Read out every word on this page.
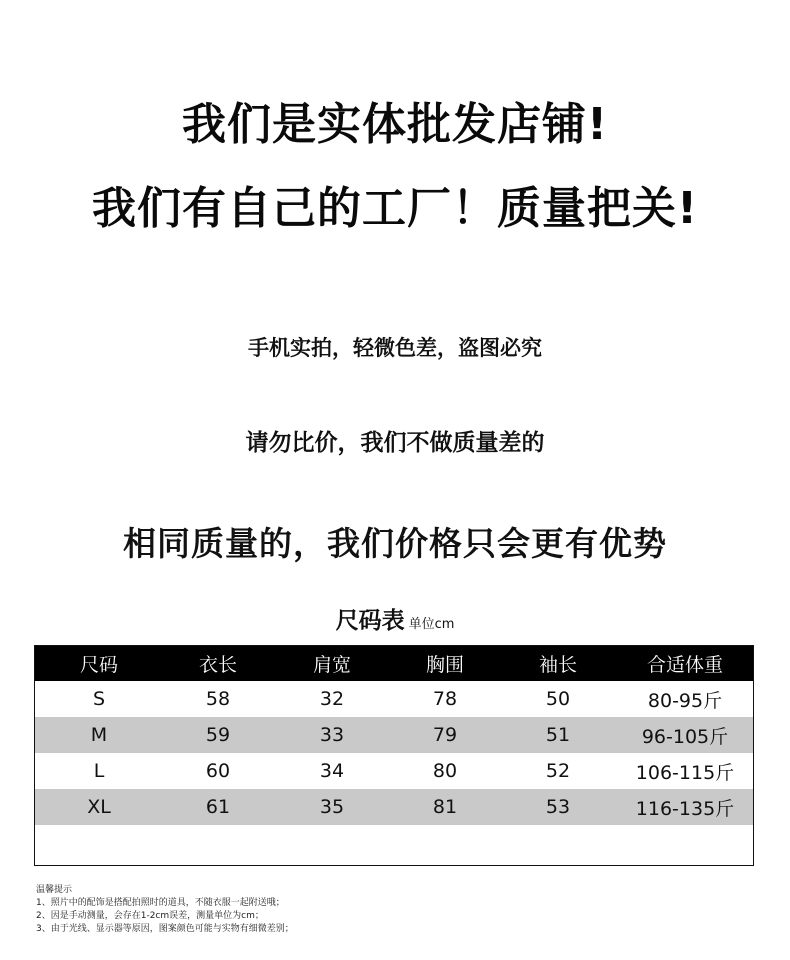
我们是实体批发店铺!
我们有自己的工厂！质量把关!
手机实拍，轻微色差，盗图必究
请勿比价，我们不做质量差的
相同质量的，我们价格只会更有优势
尺码表 单位cm
尺码	衣长	肩宽	胸围	袖长	合适体重
S	58	32	78	50	80-95斤
M	59	33	79	51	96-105斤
L	60	34	80	52	106-115斤
XL	61	35	81	53	116-135斤
温馨提示
1、照片中的配饰是搭配拍照时的道具，不随衣服一起附送哦；
2、因是手动测量，会存在1-2cm误差，测量单位为cm；
3、由于光线、显示器等原因，图案颜色可能与实物有细微差别；
